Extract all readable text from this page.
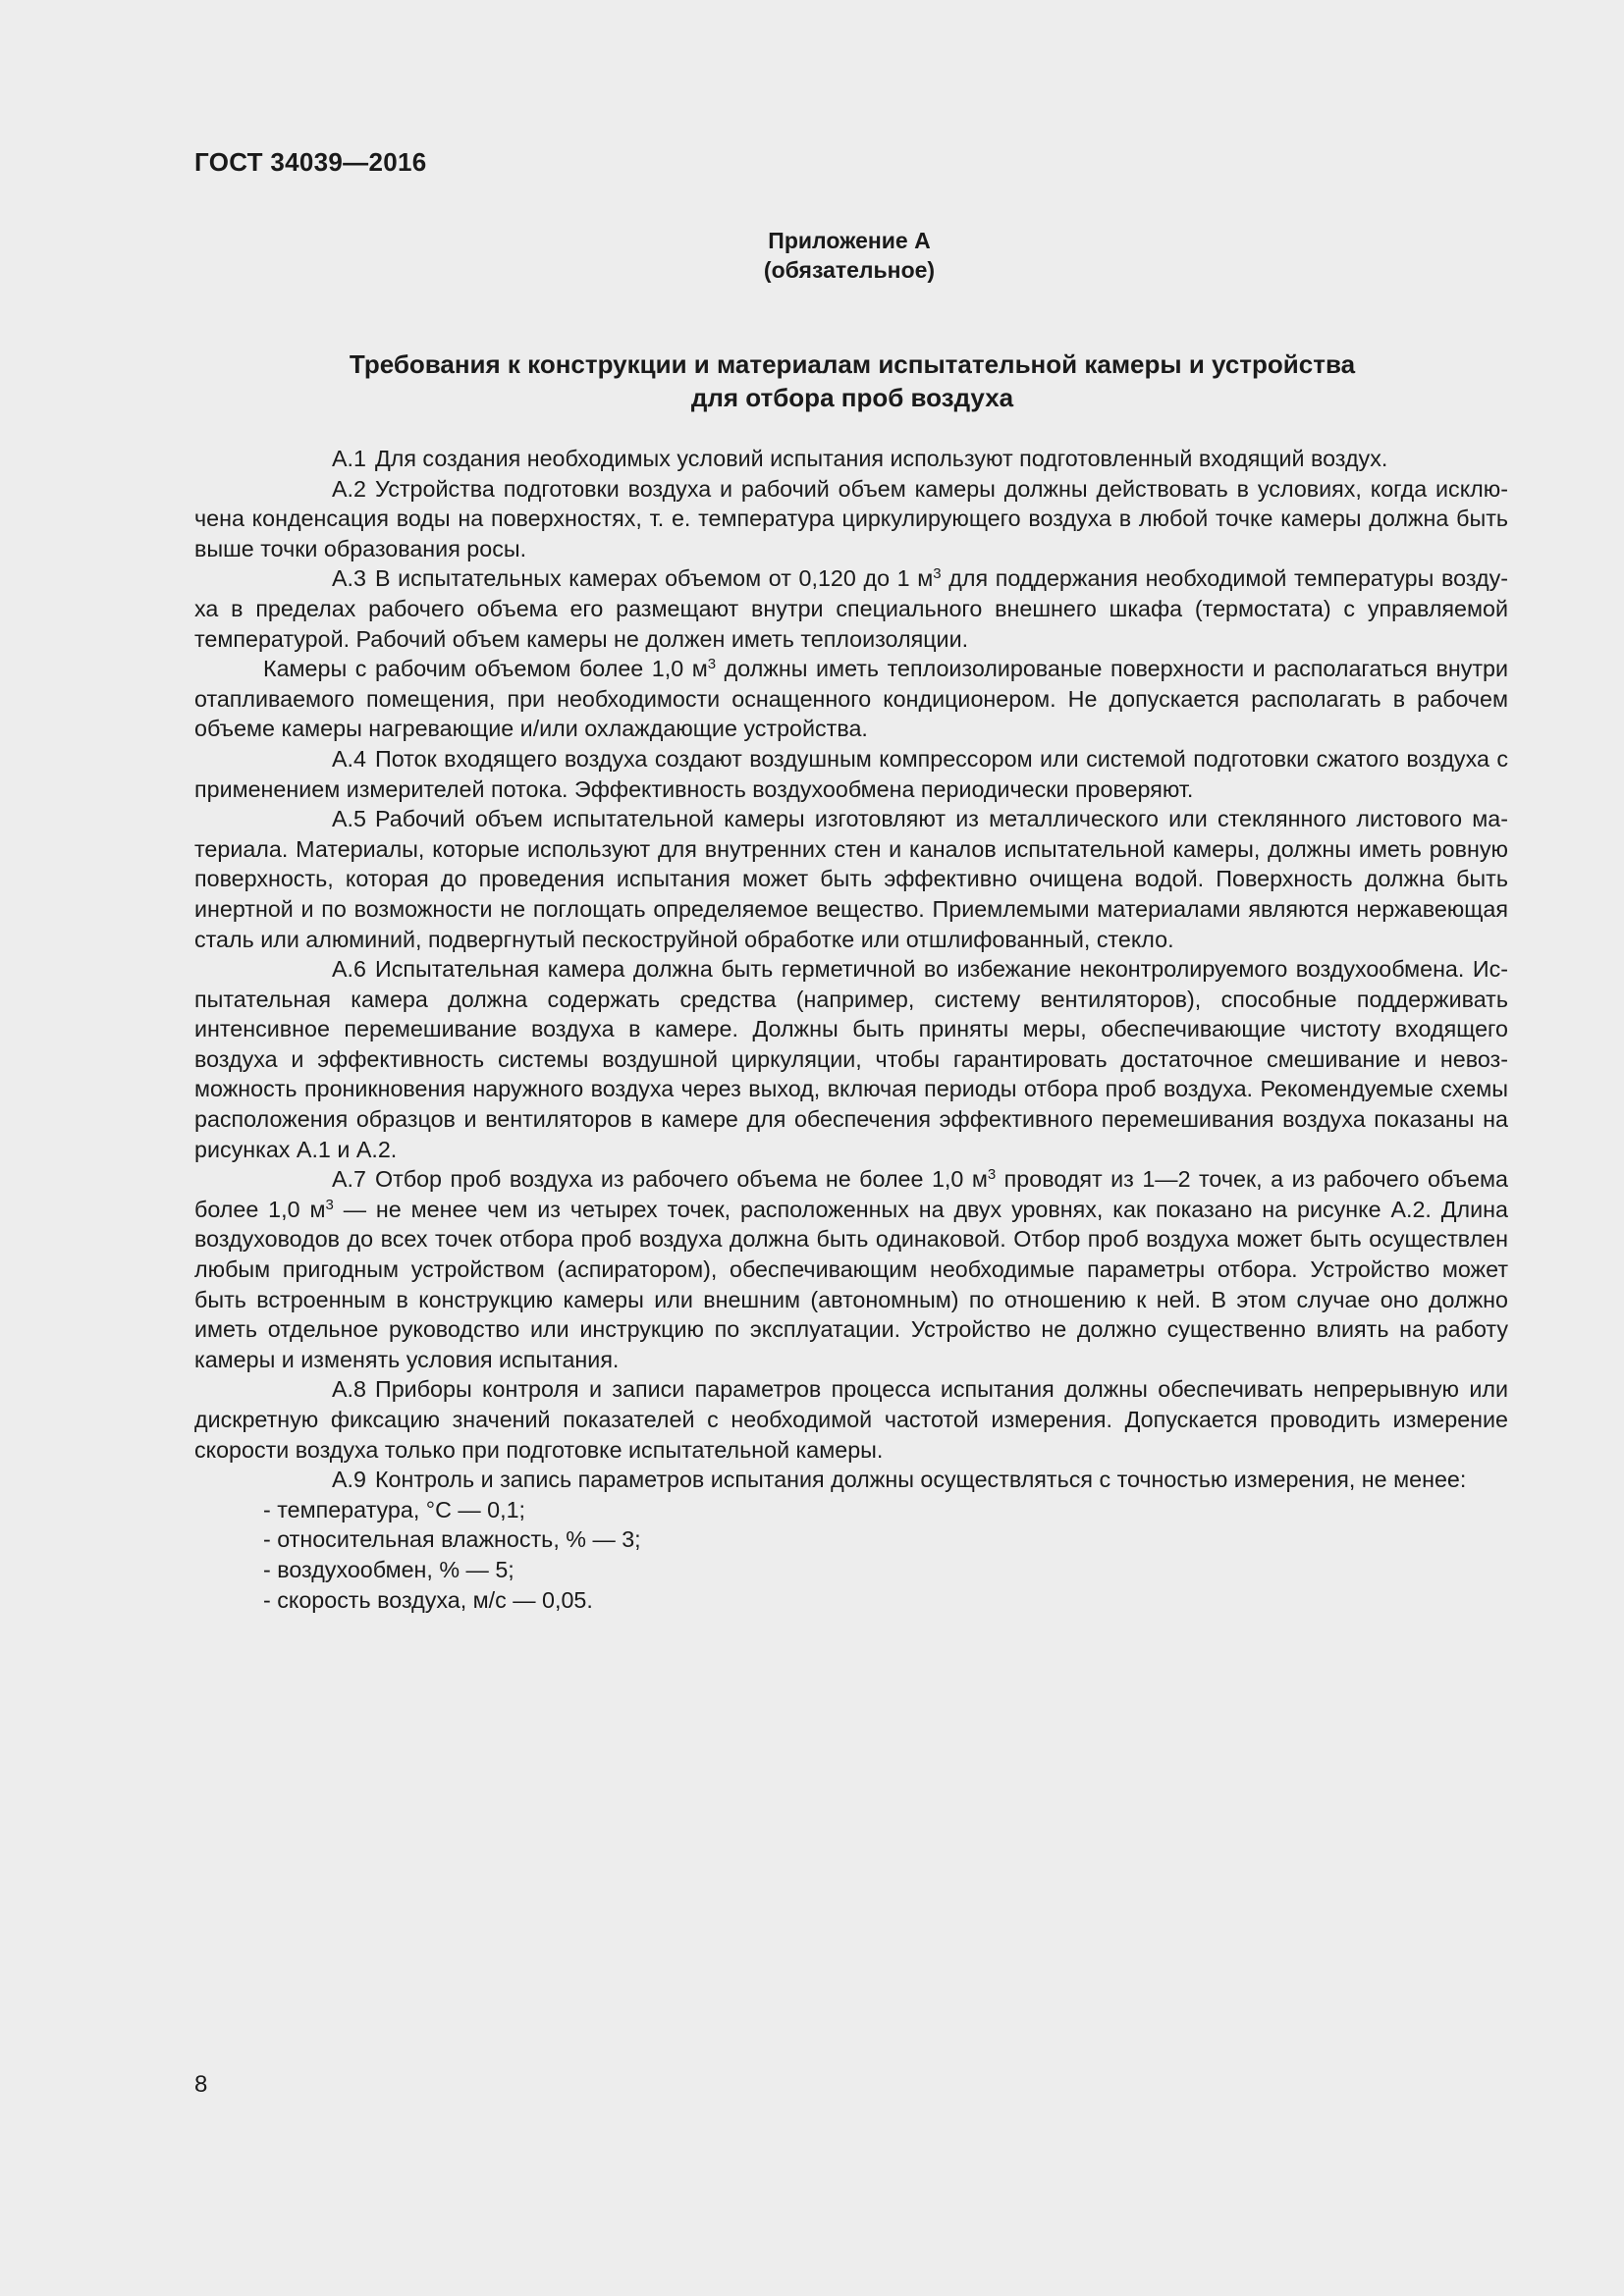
ГОСТ 34039—2016
Приложение А
(обязательное)
Требования к конструкции и материалам испытательной камеры и устройства
для отбора проб воздуха

А.1 Для создания необходимых условий испытания используют подготовленный входящий воздух.

А.2 Устройства подготовки воздуха и рабочий объем камеры должны действовать в условиях, когда исключена конденсация воды на поверхностях, т. е. температура циркулирующего воздуха в любой точке камеры должна быть выше точки образования росы.

А.3 В испытательных камерах объемом от 0,120 до 1 $м^3$ для поддержания необходимой температуры воздуха в пределах рабочего объема его размещают внутри специального внешнего шкафа (термостата) с управляемой температурой. Рабочий объем камеры не должен иметь теплоизоляции.

Камеры с рабочим объемом более 1,0 $м^3$ должны иметь теплоизолированые поверхности и располагаться внутри отапливаемого помещения, при необходимости оснащенного кондиционером. Не допускается располагать в рабочем объеме камеры нагревающие и/или охлаждающие устройства.

А.4 Поток входящего воздуха создают воздушным компрессором или системой подготовки сжатого воздуха с применением измерителей потока. Эффективность воздухообмена периодически проверяют.

А.5 Рабочий объем испытательной камеры изготовляют из металлического или стеклянного листового материала. Материалы, которые используют для внутренних стен и каналов испытательной камеры, должны иметь ровную поверхность, которая до проведения испытания может быть эффективно очищена водой. Поверхность должна быть инертной и по возможности не поглощать определяемое вещество. Приемлемыми материалами являются нержавеющая сталь или алюминий, подвергнутый пескоструйной обработке или отшлифованный, стекло.

А.6 Испытательная камера должна быть герметичной во избежание неконтролируемого воздухообмена. Испытательная камера должна содержать средства (например, систему вентиляторов), способные поддерживать интенсивное перемешивание воздуха в камере. Должны быть приняты меры, обеспечивающие чистоту входящего воздуха и эффективность системы воздушной циркуляции, чтобы гарантировать достаточное смешивание и невозможность проникновения наружного воздуха через выход, включая периоды отбора проб воздуха. Рекомендуемые схемы расположения образцов и вентиляторов в камере для обеспечения эффективного перемешивания воздуха показаны на рисунках А.1 и А.2.

А.7 Отбор проб воздуха из рабочего объема не более 1,0 $м^3$ проводят из 1—2 точек, а из рабочего объема более 1,0 $м^3$ — не менее чем из четырех точек, расположенных на двух уровнях, как показано на рисунке А.2. Длина воздуховодов до всех точек отбора проб воздуха должна быть одинаковой. Отбор проб воздуха может быть осуществлен любым пригодным устройством (аспиратором), обеспечивающим необходимые параметры отбора. Устройство может быть встроенным в конструкцию камеры или внешним (автономным) по отношению к ней. В этом случае оно должно иметь отдельное руководство или инструкцию по эксплуатации. Устройство не должно существенно влиять на работу камеры и изменять условия испытания.

А.8 Приборы контроля и записи параметров процесса испытания должны обеспечивать непрерывную или дискретную фиксацию значений показателей с необходимой частотой измерения. Допускается проводить измерение скорости воздуха только при подготовке испытательной камеры.

А.9 Контроль и запись параметров испытания должны осуществляться с точностью измерения, не менее:

- температура, °C — 0,1;
- относительная влажность, % — 3;
- воздухообмен, % — 5;
- скорость воздуха, м/с — 0,05.
8
